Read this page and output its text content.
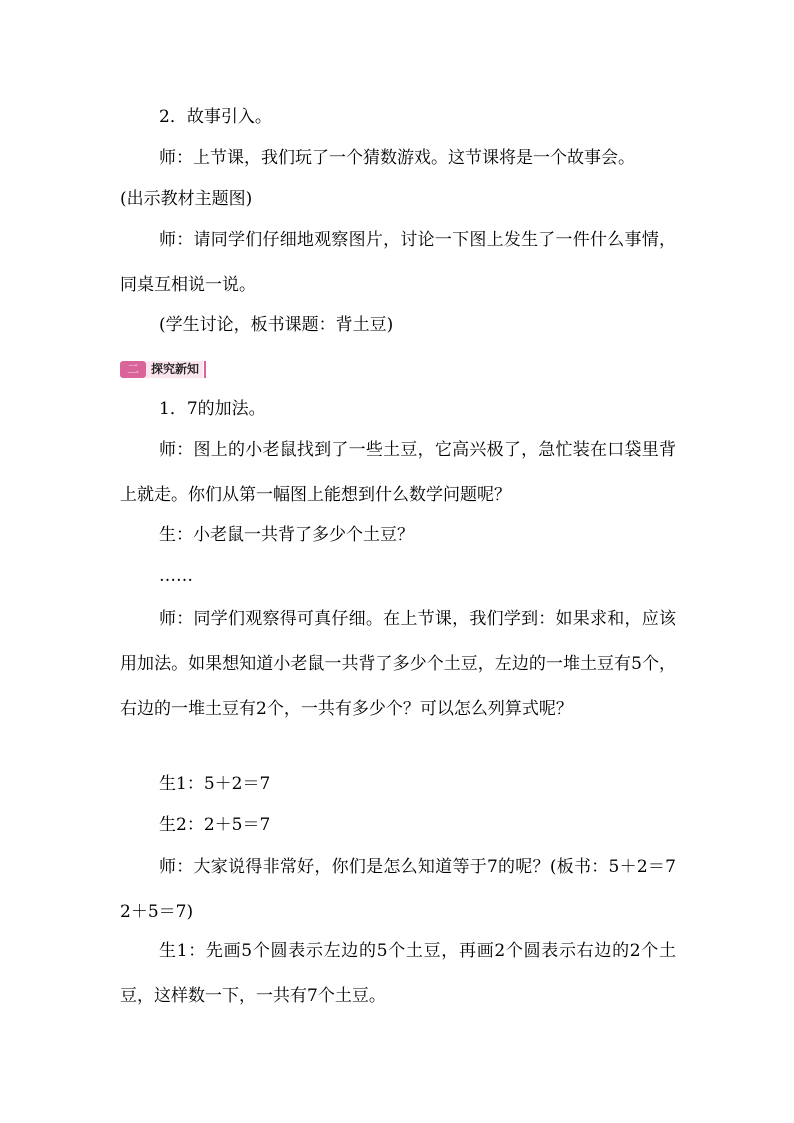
2．故事引入。

师：上节课，我们玩了一个猜数游戏。这节课将是一个故事会。

(出示教材主题图)

师：请同学们仔细地观察图片，讨论一下图上发生了一件什么事情，同桌互相说一说。

(学生讨论，板书课题：背土豆)

二	探究新知

1．7的加法。

师：图上的小老鼠找到了一些土豆，它高兴极了，急忙装在口袋里背上就走。你们从第一幅图上能想到什么数学问题呢？

生：小老鼠一共背了多少个土豆？

……

师：同学们观察得可真仔细。在上节课，我们学到：如果求和，应该用加法。如果想知道小老鼠一共背了多少个土豆，左边的一堆土豆有5个，右边的一堆土豆有2个，一共有多少个？可以怎么列算式呢？

生1：5＋2＝7

生2：2＋5＝7

师：大家说得非常好，你们是怎么知道等于7的呢？(板书：5＋2＝7　2＋5＝7)

生1：先画5个圆表示左边的5个土豆，再画2个圆表示右边的2个土豆，这样数一下，一共有7个土豆。
